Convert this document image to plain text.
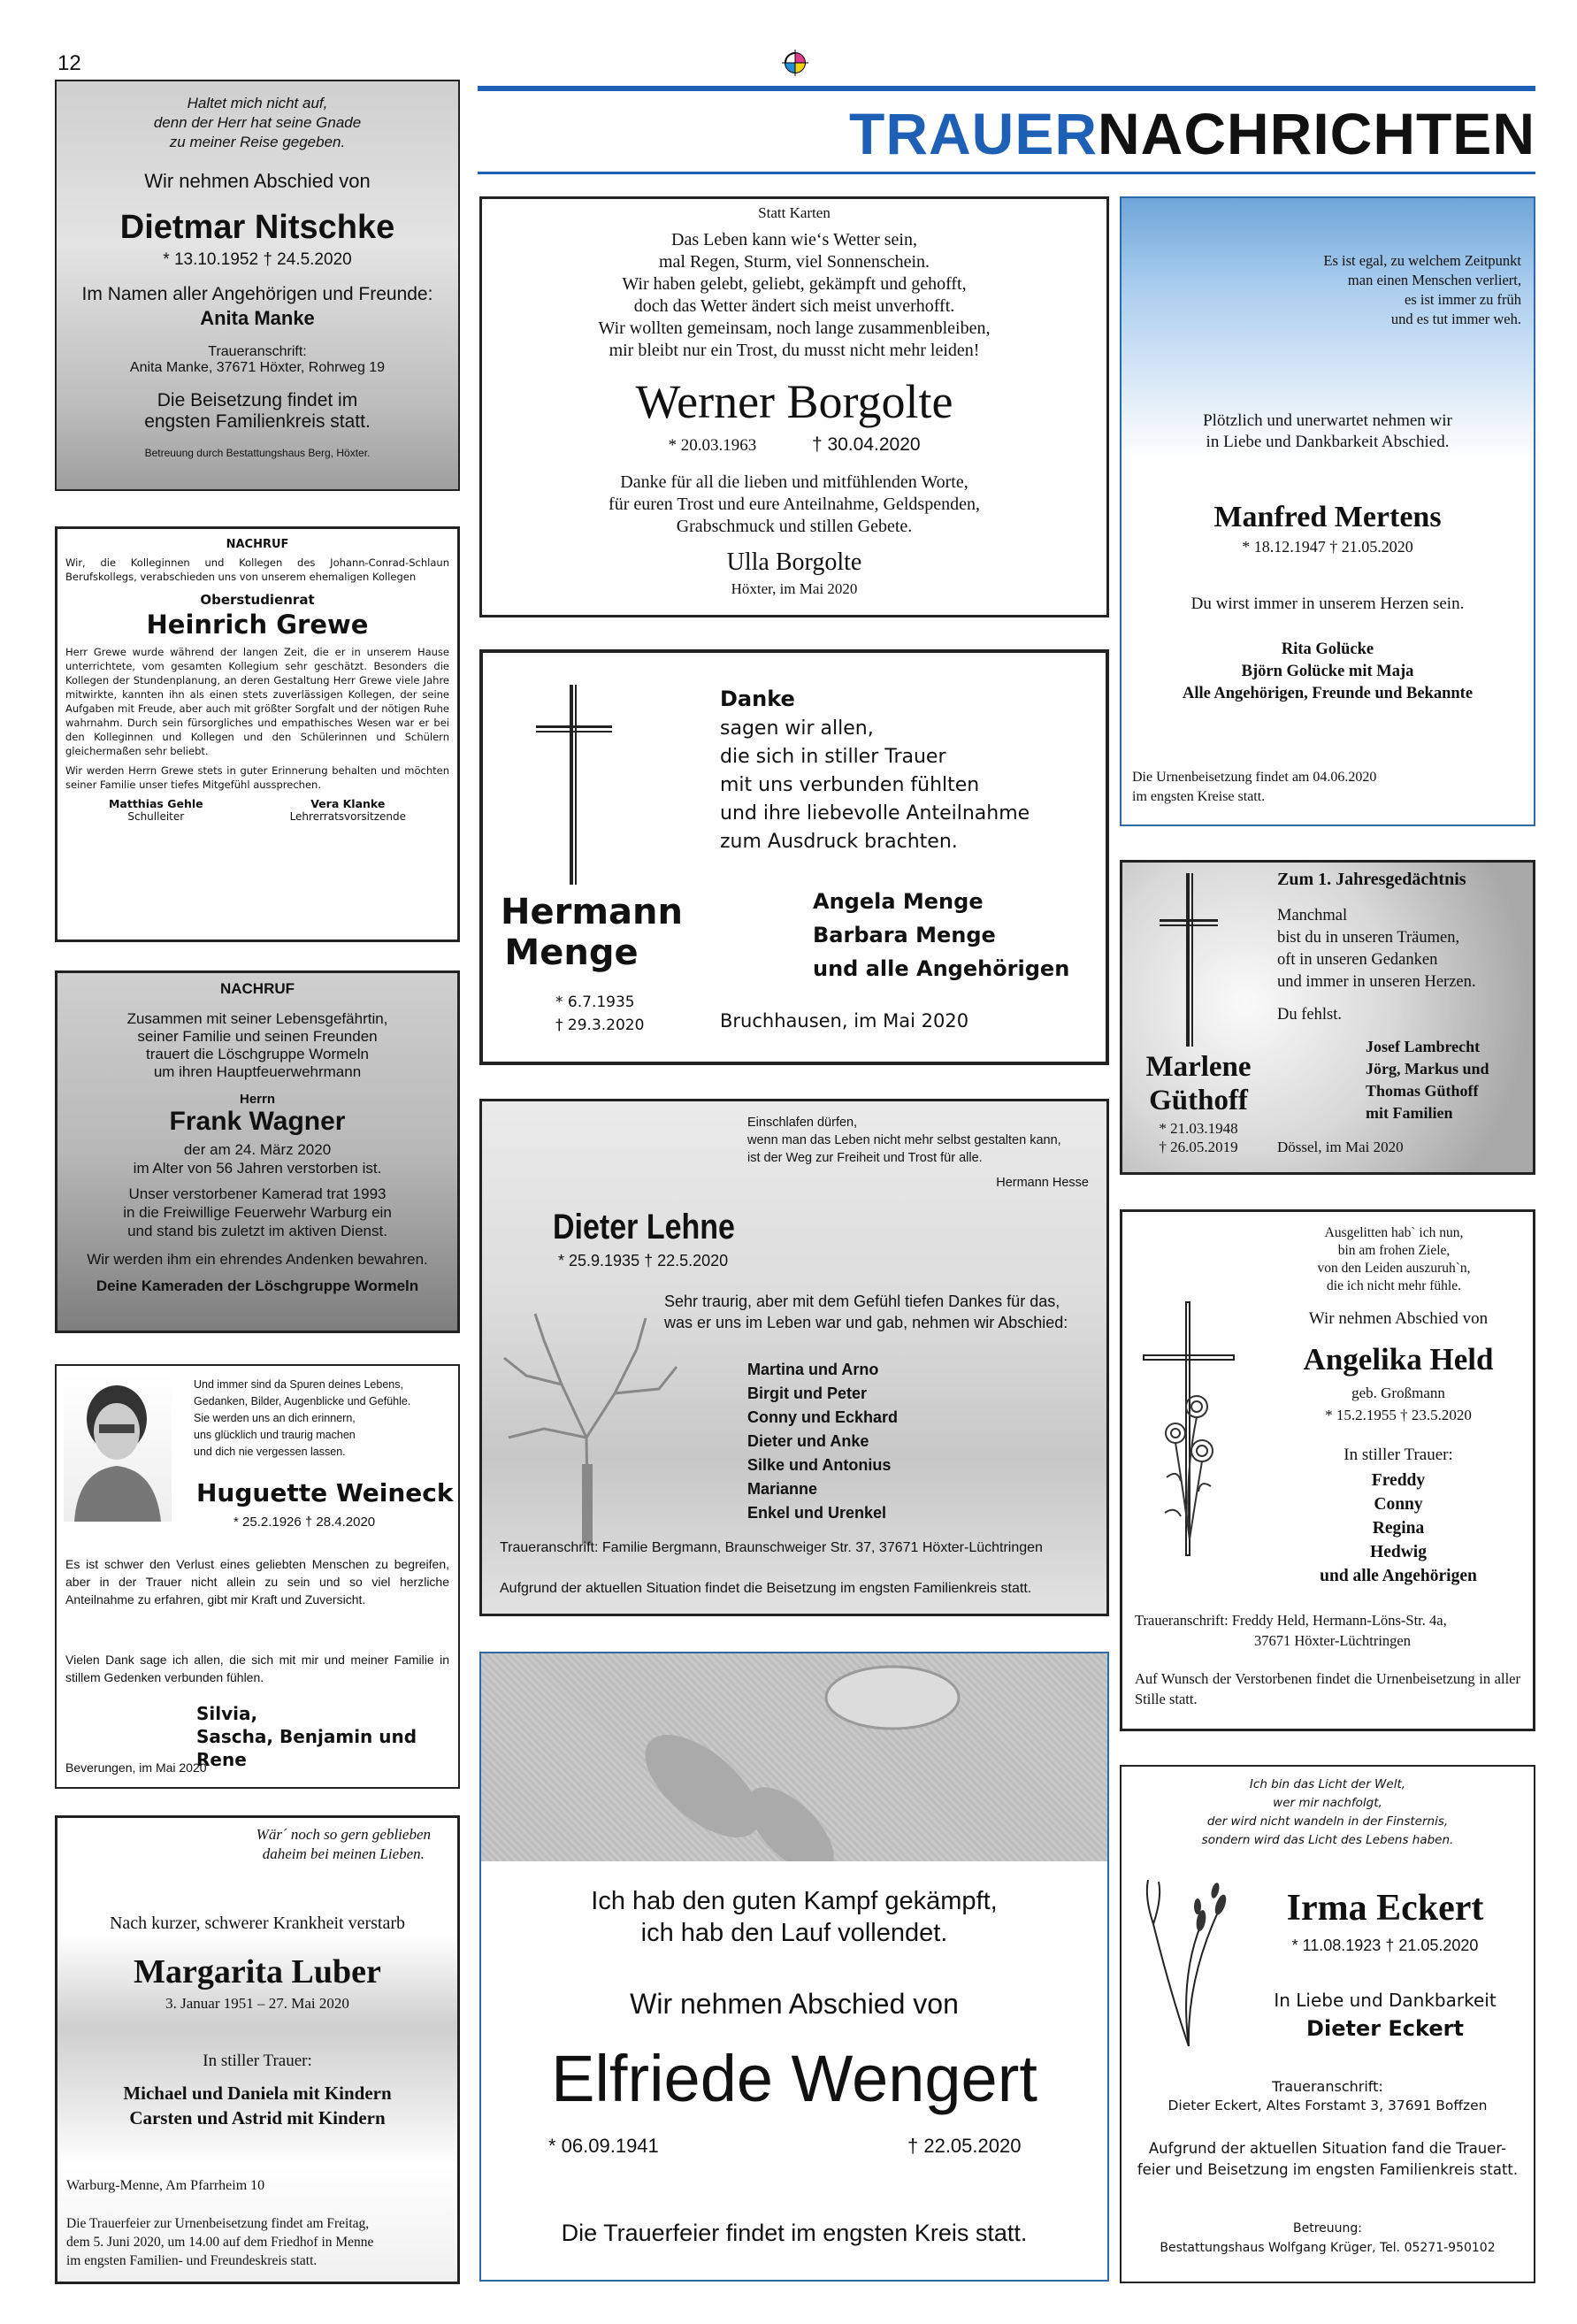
12
TRAUERNACHRICHTEN
Haltet mich nicht auf,
denn der Herr hat seine Gnade
zu meiner Reise gegeben.
Wir nehmen Abschied von
Dietmar Nitschke
* 13.10.1952 † 24.5.2020
Im Namen aller Angehörigen und Freunde:
Anita Manke
Traueranschrift:
Anita Manke, 37671 Höxter, Rohrweg 19
Die Beisetzung findet im
engsten Familienkreis statt.
Betreuung durch Bestattungshaus Berg, Höxter.
NACHRUF
Wir, die Kolleginnen und Kollegen des Johann-Conrad-Schlaun Berufskollegs, verabschieden uns von unserem ehemaligen Kollegen
Oberstudienrat
Heinrich Grewe
Herr Grewe wurde während der langen Zeit, die er in unserem Hause unterrichtete, vom gesamten Kollegium sehr geschätzt. Besonders die Kollegen der Stundenplanung, an deren Gestaltung Herr Grewe viele Jahre mitwirkte, kannten ihn als einen stets zuverlässigen Kollegen, der seine Aufgaben mit Freude, aber auch mit größter Sorgfalt und der nötigen Ruhe wahrnahm. Durch sein fürsorgliches und empathisches Wesen war er bei den Kolleginnen und Kollegen und den Schülerinnen und Schülern gleichermaßen sehr beliebt.
Wir werden Herrn Grewe stets in guter Erinnerung behalten und möchten seiner Familie unser tiefes Mitgefühl aussprechen.
Matthias Gehle
Schulleiter
Vera Klanke
Lehrerratsvorsitzende
NACHRUF
Zusammen mit seiner Lebensgefährtin,
seiner Familie und seinen Freunden
trauert die Löschgruppe Wormeln
um ihren Hauptfeuerwehrmann
Herrn
Frank Wagner
der am 24. März 2020
im Alter von 56 Jahren verstorben ist.
Unser verstorbener Kamerad trat 1993
in die Freiwillige Feuerwehr Warburg ein
und stand bis zuletzt im aktiven Dienst.
Wir werden ihm ein ehrendes Andenken bewahren.
Deine Kameraden der Löschgruppe Wormeln
Und immer sind da Spuren deines Lebens,
Gedanken, Bilder, Augenblicke und Gefühle.
Sie werden uns an dich erinnern,
uns glücklich und traurig machen
und dich nie vergessen lassen.
Huguette Weineck
* 25.2.1926 † 28.4.2020
Es ist schwer den Verlust eines geliebten Menschen zu begreifen, aber in der Trauer nicht allein zu sein und so viel herzliche Anteilnahme zu erfahren, gibt mir Kraft und Zuversicht.
Vielen Dank sage ich allen, die sich mit mir und meiner Familie in stillem Gedenken verbunden fühlen.
Silvia,
Sascha, Benjamin und Rene
Beverungen, im Mai 2020
Wär´ noch so gern geblieben
daheim bei meinen Lieben.
Nach kurzer, schwerer Krankheit verstarb
Margarita Luber
3. Januar 1951 – 27. Mai 2020
In stiller Trauer:
Michael und Daniela mit Kindern
Carsten und Astrid mit Kindern
Warburg-Menne, Am Pfarrheim 10
Die Trauerfeier zur Urnenbeisetzung findet am Freitag,
dem 5. Juni 2020, um 14.00 auf dem Friedhof in Menne
im engsten Familien- und Freundeskreis statt.
Statt Karten
Das Leben kann wie‘s Wetter sein,
mal Regen, Sturm, viel Sonnenschein.
Wir haben gelebt, geliebt, gekämpft und gehofft,
doch das Wetter ändert sich meist unverhofft.
Wir wollten gemeinsam, noch lange zusammenbleiben,
mir bleibt nur ein Trost, du musst nicht mehr leiden!
Werner Borgolte
* 20.03.1963	† 30.04.2020
Danke für all die lieben und mitfühlenden Worte,
für euren Trost und eure Anteilnahme, Geldspenden,
Grabschmuck und stillen Gebete.
Ulla Borgolte
Höxter, im Mai 2020
Hermann
Menge
* 6.7.1935
† 29.3.2020
Danke
sagen wir allen,
die sich in stiller Trauer
mit uns verbunden fühlten
und ihre liebevolle Anteilnahme
zum Ausdruck brachten.
Angela Menge
Barbara Menge
und alle Angehörigen
Bruchhausen, im Mai 2020
Einschlafen dürfen,
wenn man das Leben nicht mehr selbst gestalten kann,
ist der Weg zur Freiheit und Trost für alle.
Hermann Hesse
Dieter Lehne
* 25.9.1935 † 22.5.2020
Sehr traurig, aber mit dem Gefühl tiefen Dankes für das,
was er uns im Leben war und gab, nehmen wir Abschied:
Martina und Arno
Birgit und Peter
Conny und Eckhard
Dieter und Anke
Silke und Antonius
Marianne
Enkel und Urenkel
Traueranschrift: Familie Bergmann, Braunschweiger Str. 37, 37671 Höxter-Lüchtringen
Aufgrund der aktuellen Situation findet die Beisetzung im engsten Familienkreis statt.
Ich hab den guten Kampf gekämpft,
ich hab den Lauf vollendet.
Wir nehmen Abschied von
Elfriede Wengert
* 06.09.1941	† 22.05.2020
Die Trauerfeier findet im engsten Kreis statt.
Es ist egal, zu welchem Zeitpunkt
man einen Menschen verliert,
es ist immer zu früh
und es tut immer weh.
Plötzlich und unerwartet nehmen wir
in Liebe und Dankbarkeit Abschied.
Manfred Mertens
* 18.12.1947 † 21.05.2020
Du wirst immer in unserem Herzen sein.
Rita Golücke
Björn Golücke mit Maja
Alle Angehörigen, Freunde und Bekannte
Die Urnenbeisetzung findet am 04.06.2020
im engsten Kreise statt.
Zum 1. Jahresgedächtnis
Manchmal
bist du in unseren Träumen,
oft in unseren Gedanken
und immer in unseren Herzen.
Du fehlst.
Josef Lambrecht
Jörg, Markus und
Thomas Güthoff
mit Familien
Marlene
Güthoff
* 21.03.1948
† 26.05.2019	Dössel, im Mai 2020
Ausgelitten hab` ich nun,
bin am frohen Ziele,
von den Leiden auszuruh`n,
die ich nicht mehr fühle.
Wir nehmen Abschied von
Angelika Held
geb. Großmann
* 15.2.1955 † 23.5.2020
In stiller Trauer:
Freddy
Conny
Regina
Hedwig
und alle Angehörigen
Traueranschrift: Freddy Held, Hermann-Löns-Str. 4a,
37671 Höxter-Lüchtringen
Auf Wunsch der Verstorbenen findet die Urnenbeisetzung in aller Stille statt.
Ich bin das Licht der Welt,
wer mir nachfolgt,
der wird nicht wandeln in der Finsternis,
sondern wird das Licht des Lebens haben.
Irma Eckert
* 11.08.1923 † 21.05.2020
In Liebe und Dankbarkeit
Dieter Eckert
Traueranschrift:
Dieter Eckert, Altes Forstamt 3, 37691 Boffzen
Aufgrund der aktuellen Situation fand die Trauer-
feier und Beisetzung im engsten Familienkreis statt.
Betreuung:
Bestattungshaus Wolfgang Krüger, Tel. 05271-950102
